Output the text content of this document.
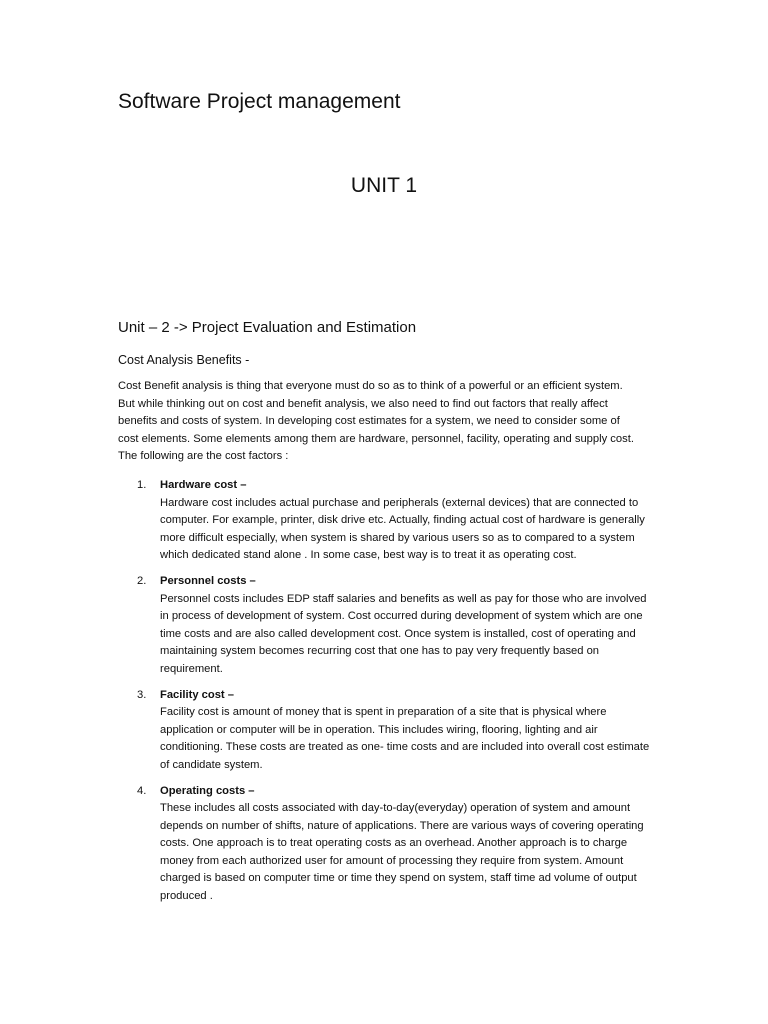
Software Project management
UNIT 1
Unit – 2 -> Project Evaluation and Estimation

Cost Analysis Benefits -

Cost Benefit analysis is thing that everyone must do so as to think of a powerful or an efficient system. But while thinking out on cost and benefit analysis, we also need to find out factors that really affect benefits and costs of system. In developing cost estimates for a system, we need to consider some of cost elements. Some elements among them are hardware, personnel, facility, operating and supply cost. The following are the cost factors :

1. Hardware cost –
Hardware cost includes actual purchase and peripherals (external devices) that are connected to computer. For example, printer, disk drive etc. Actually, finding actual cost of hardware is generally more difficult especially, when system is shared by various users so as to compared to a system which dedicated stand alone . In some case, best way is to treat it as operating cost.
2. Personnel costs –
Personnel costs includes EDP staff salaries and benefits as well as pay for those who are involved in process of development of system. Cost occurred during development of system which are one time costs and are also called development cost. Once system is installed, cost of operating and maintaining system becomes recurring cost that one has to pay very frequently based on requirement.
3. Facility cost –
Facility cost is amount of money that is spent in preparation of a site that is physical where application or computer will be in operation. This includes wiring, flooring, lighting and air conditioning. These costs are treated as one- time costs and are included into overall cost estimate of candidate system.
4. Operating costs –
These includes all costs associated with day-to-day(everyday) operation of system and amount depends on number of shifts, nature of applications. There are various ways of covering operating costs. One approach is to treat operating costs as an overhead. Another approach is to charge money from each authorized user for amount of processing they require from system. Amount charged is based on computer time or time they spend on system, staff time ad volume of output produced .
